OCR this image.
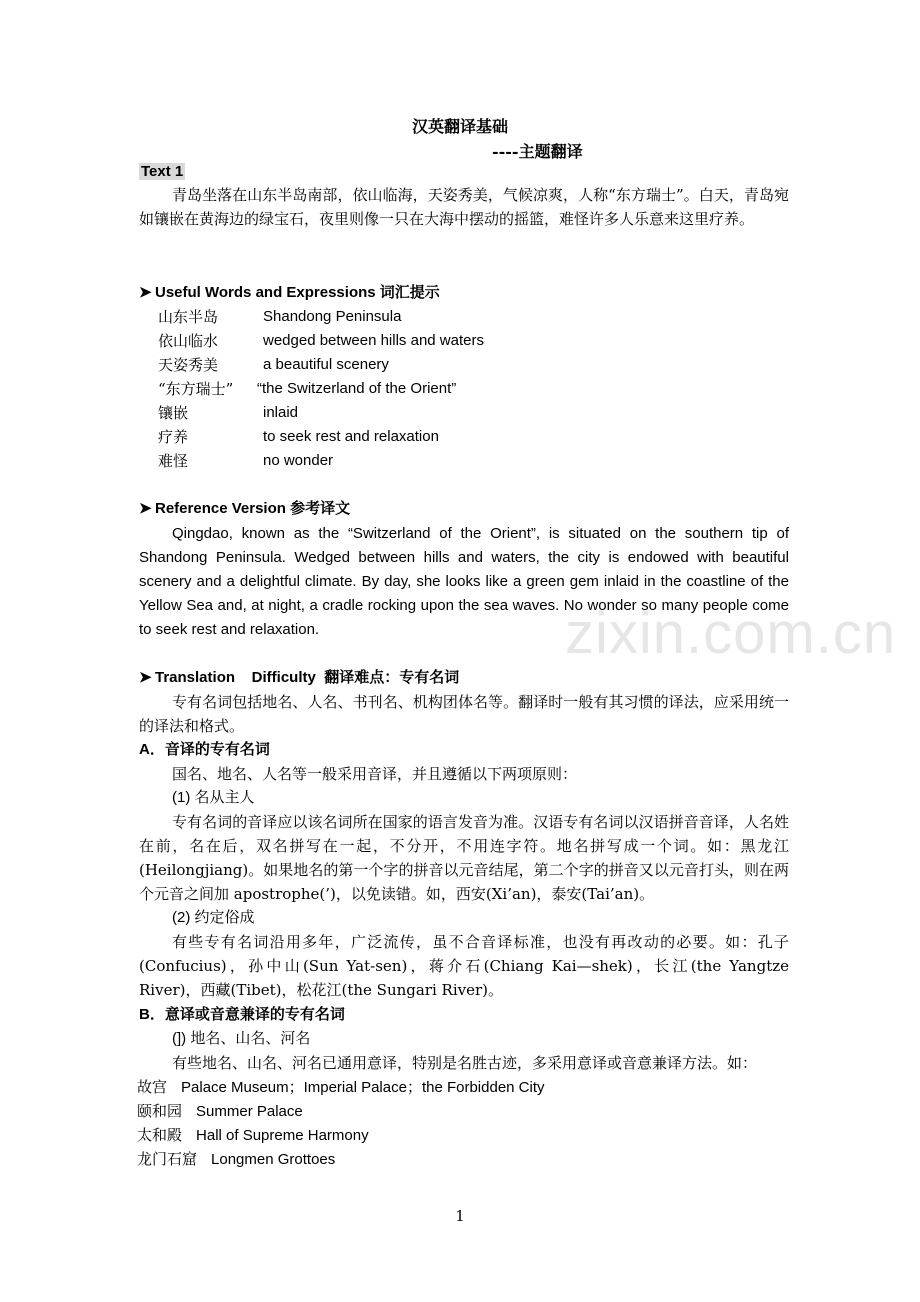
zixin.com.cn
汉英翻译基础
----主题翻译
Text 1
青岛坐落在山东半岛南部，依山临海，天姿秀美，气候凉爽，人称“东方瑞士”。白天，青岛宛如镶嵌在黄海边的绿宝石，夜里则像一只在大海中摆动的摇篮，难怪许多人乐意来这里疗养。
➤ Useful Words and Expressions 词汇提示
山东半岛	Shandong Peninsula
依山临水	wedged between hills and waters
天姿秀美	a beautiful scenery
“东方瑞士”	“the Switzerland of the Orient”
镶嵌	inlaid
疗养	to seek rest and relaxation
难怪	no wonder
➤ Reference Version 参考译文
Qingdao, known as the “Switzerland of the Orient”, is situated on the southern tip of Shandong Peninsula. Wedged between hills and waters, the city is endowed with beautiful scenery and a delightful climate. By day, she looks like a green gem inlaid in the coastline of the Yellow Sea and, at night, a cradle rocking upon the sea waves. No wonder so many people come to seek rest and relaxation.
➤ Translation    Difficulty  翻译难点：专有名词
专有名词包括地名、人名、书刊名、机构团体名等。翻译时一般有其习惯的译法，应采用统一的译法和格式。
A．音译的专有名词
国名、地名、人名等一般采用音译，并且遵循以下两项原则：
(1) 名从主人
专有名词的音译应以该名词所在国家的语言发音为准。汉语专有名词以汉语拼音音译，人名姓在前，名在后，双名拼写在一起，不分开，不用连字符。地名拼写成一个词。如：黑龙江(Heilongjiang)。如果地名的第一个字的拼音以元音结尾，第二个字的拼音又以元音打头，则在两个元音之间加 apostrophe(’)，以免读错。如，西安(Xi’an)，泰安(Tai’an)。
(2) 约定俗成
有些专有名词沿用多年，广泛流传，虽不合音译标准，也没有再改动的必要。如：孔子(Confucius)，孙中山(Sun Yat-sen)，蒋介石(Chiang Kai—shek)，长江(the Yangtze River)，西藏(Tibet)，松花江(the Sungari River)。
B．意译或音意兼译的专有名词
(]) 地名、山名、河名
有些地名、山名、河名已通用意译，特别是名胜古迹，多采用意译或音意兼译方法。如：
故宫 Palace Museum；Imperial Palace；the Forbidden City
颐和园 Summer Palace
太和殿 Hall of Supreme Harmony
龙门石窟 Longmen Grottoes
1
